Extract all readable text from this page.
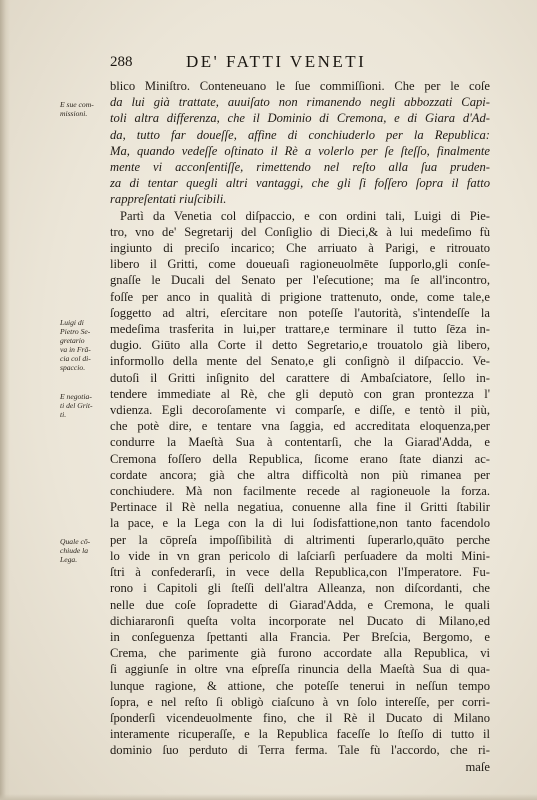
288	DE' FATTI VENETI
E sue com-
missioni.
Luigi di
Pietro Se-
gretario
va in Frā-
cia col di-
spaccio.
E negotia-
ti del Grit-
ti.
Quale cō-
chiude la
Lega.
blico Miniſtro. Conteneuano le ſue commiſſioni. Che per le coſe
da lui già trattate, auuiſato non rimanendo negli abbozzati Capi-
toli altra differenza, che il Dominio di Cremona, e di Giara d'Ad-
da, tutto far doueſſe, affine di conchiuderlo per la Republica:
Ma, quando vedeſſe oſtinato il Rè a volerlo per ſe ſteſſo, finalmente
mente vi acconſentiſſe, rimettendo nel reſto alla ſua pruden-
za di tentar quegli altri vantaggi, che gli ſi foſſero ſopra il fatto
rappreſentati riuſcibili.
Partì da Venetia col diſpaccio, e con ordini tali, Luigi di Pie-
tro, vno de' Segretarij del Conſiglio di Dieci,& à lui medeſimo fù
ingiunto di preciſo incarico; Che arriuato à Parigi, e ritrouato
libero il Gritti, come doueuaſi ragioneuolmēte ſupporlo,gli conſe-
gnaſſe le Ducali del Senato per l'eſecutione; ma ſe all'incontro,
foſſe per anco in qualità di prigione trattenuto, onde, come tale,e
ſoggetto ad altri, eſercitare non poteſſe l'autorità, s'intendeſſe la
medeſima trasferita in lui,per trattare,e terminare il tutto ſēza in-
dugio. Giūto alla Corte il detto Segretario,e trouatolo già libero,
informollo della mente del Senato,e gli conſignò il diſpaccio. Ve-
dutoſi il Gritti inſignito del carattere di Ambaſciatore, ſello in-
tendere immediate al Rè, che gli deputò con gran prontezza l'
vdienza. Egli decoroſamente vi comparſe, e diſſe, e tentò il più,
che potè dire, e tentare vna ſaggia, ed accreditata eloquenza,per
condurre la Maeſtà Sua à contentarſi, che la Giarad'Adda, e
Cremona foſſero della Republica, ſicome erano ſtate dianzi ac-
cordate ancora; già che altra difficoltà non più rimanea per
conchiudere. Mà non facilmente recede al ragioneuole la forza.
Pertinace il Rè nella negatiua, conuenne alla fine il Gritti ſtabilir
la pace, e la Lega con la di lui ſodisfattione,non tanto facendolo
per la cōpreſa impoſſibilità di altrimenti ſuperarlo,quāto perche
lo vide in vn gran pericolo di laſciarſi perſuadere da molti Mini-
ſtri à confederarſi, in vece della Republica,con l'Imperatore. Fu-
rono i Capitoli gli ſteſſi dell'altra Alleanza, non diſcordanti, che
nelle due coſe ſopradette di Giarad'Adda, e Cremona, le quali
dichiararonſi queſta volta incorporate nel Ducato di Milano,ed
in conſeguenza ſpettanti alla Francia. Per Breſcia, Bergomo, e
Crema, che parimente già furono accordate alla Republica, vi
ſi aggiunſe in oltre vna eſpreſſa rinuncia della Maeſtà Sua di qua-
lunque ragione, & attione, che poteſſe tenerui in neſſun tempo
ſopra, e nel reſto ſi obligò ciaſcuno à vn ſolo intereſſe, per corri-
ſponderſi vicendeuolmente fino, che il Rè il Ducato di Milano
interamente ricuperaſſe, e la Republica faceſſe lo ſteſſo di tutto il
dominio ſuo perduto di Terra ferma. Tale fù l'accordo, che ri-
maſe
